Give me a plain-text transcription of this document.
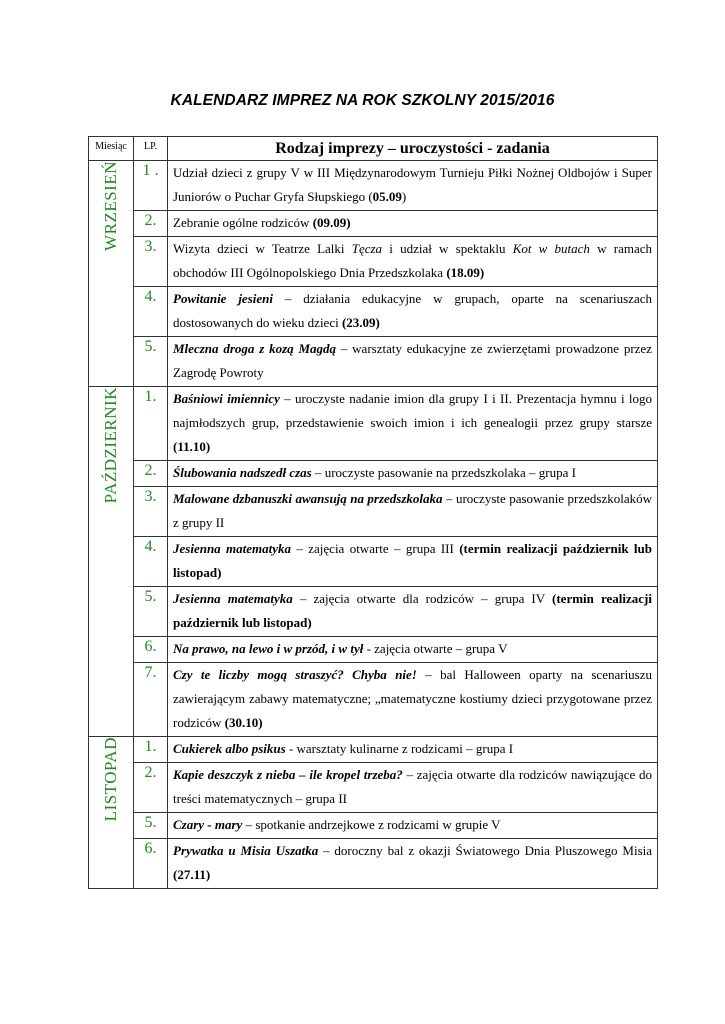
KALENDARZ IMPREZ NA ROK SZKOLNY 2015/2016
Miesiąc	LP.	Rodzaj imprezy – uroczystości - zadania
WRZESIEŃ	1 .	Udział dzieci z grupy V w III Międzynarodowym Turnieju Piłki Nożnej Oldbojów i Super Juniorów o Puchar Gryfa Słupskiego (05.09)
	2.	Zebranie ogólne rodziców (09.09)
	3.	Wizyta dzieci w Teatrze Lalki Tęcza i udział w spektaklu Kot w butach w ramach obchodów III Ogólnopolskiego Dnia Przedszkolaka (18.09)
	4.	Powitanie jesieni – działania edukacyjne w grupach, oparte na scenariuszach dostosowanych do wieku dzieci (23.09)
	5.	Mleczna droga z kozą Magdą – warsztaty edukacyjne ze zwierzętami prowadzone przez Zagrodę Powroty
PAŹDZIERNIK	1.	Baśniowi imiennicy – uroczyste nadanie imion dla grupy I i II. Prezentacja hymnu i logo najmłodszych grup, przedstawienie swoich imion i ich genealogii przez grupy starsze (11.10)
	2.	Ślubowania nadszedł czas – uroczyste pasowanie na przedszkolaka – grupa I
	3.	Malowane dzbanuszki awansują na przedszkolaka – uroczyste pasowanie przedszkolaków z grupy II
	4.	Jesienna matematyka – zajęcia otwarte – grupa III (termin realizacji październik lub listopad)
	5.	Jesienna matematyka – zajęcia otwarte dla rodziców – grupa IV (termin realizacji październik lub listopad)
	6.	Na prawo, na lewo i w przód, i w tył - zajęcia otwarte – grupa V
	7.	Czy te liczby mogą straszyć? Chyba nie! – bal Halloween oparty na scenariuszu zawierającym zabawy matematyczne; „matematyczne kostiumy dzieci przygotowane przez rodziców (30.10)
LISTOPAD	1.	Cukierek albo psikus - warsztaty kulinarne z rodzicami – grupa I
	2.	Kapie deszczyk z nieba – ile kropel trzeba? – zajęcia otwarte dla rodziców nawiązujące do treści matematycznych – grupa II
	5.	Czary - mary – spotkanie andrzejkowe z rodzicami w grupie V
	6.	Prywatka u Misia Uszatka – doroczny bal z okazji Światowego Dnia Pluszowego Misia (27.11)
